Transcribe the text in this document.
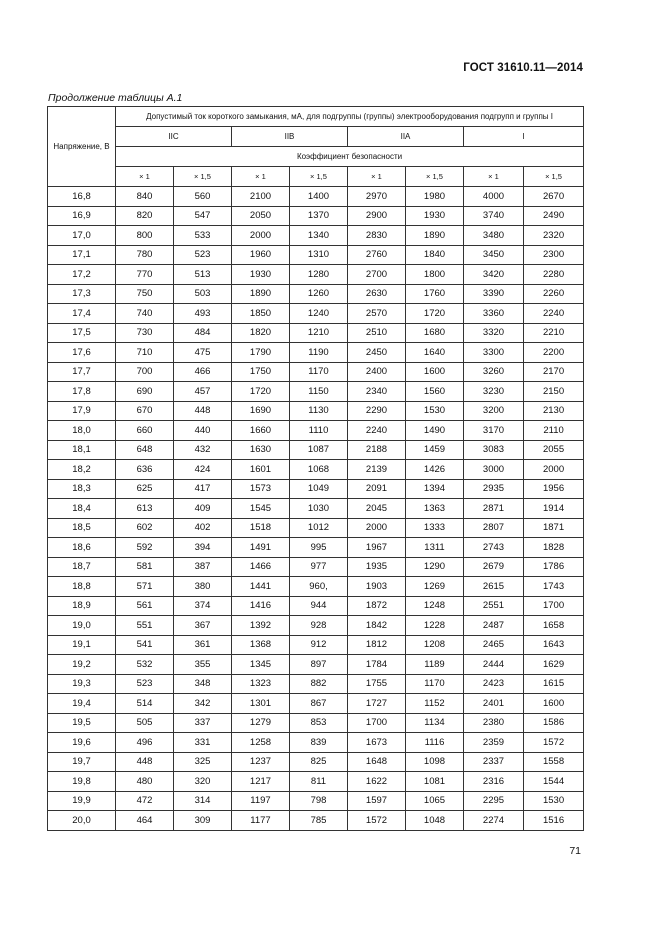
ГОСТ 31610.11—2014
Продолжение таблицы А.1
Напряжение, В	Допустимый ток короткого замыкания, мА, для подгруппы (группы) электрооборудования подгрупп и группы I							
	IIC		IIB		IIA		I	
	Коэффициент безопасности							
	× 1	× 1,5	× 1	× 1,5	× 1	× 1,5	× 1	× 1,5
16,8	840	560	2100	1400	2970	1980	4000	2670
16,9	820	547	2050	1370	2900	1930	3740	2490
17,0	800	533	2000	1340	2830	1890	3480	2320
17,1	780	523	1960	1310	2760	1840	3450	2300
17,2	770	513	1930	1280	2700	1800	3420	2280
17,3	750	503	1890	1260	2630	1760	3390	2260
17,4	740	493	1850	1240	2570	1720	3360	2240
17,5	730	484	1820	1210	2510	1680	3320	2210
17,6	710	475	1790	1190	2450	1640	3300	2200
17,7	700	466	1750	1170	2400	1600	3260	2170
17,8	690	457	1720	1150	2340	1560	3230	2150
17,9	670	448	1690	1130	2290	1530	3200	2130
18,0	660	440	1660	1110	2240	1490	3170	2110
18,1	648	432	1630	1087	2188	1459	3083	2055
18,2	636	424	1601	1068	2139	1426	3000	2000
18,3	625	417	1573	1049	2091	1394	2935	1956
18,4	613	409	1545	1030	2045	1363	2871	1914
18,5	602	402	1518	1012	2000	1333	2807	1871
18,6	592	394	1491	995	1967	1311	2743	1828
18,7	581	387	1466	977	1935	1290	2679	1786
18,8	571	380	1441	960,	1903	1269	2615	1743
18,9	561	374	1416	944	1872	1248	2551	1700
19,0	551	367	1392	928	1842	1228	2487	1658
19,1	541	361	1368	912	1812	1208	2465	1643
19,2	532	355	1345	897	1784	1189	2444	1629
19,3	523	348	1323	882	1755	1170	2423	1615
19,4	514	342	1301	867	1727	1152	2401	1600
19,5	505	337	1279	853	1700	1134	2380	1586
19,6	496	331	1258	839	1673	1116	2359	1572
19,7	448	325	1237	825	1648	1098	2337	1558
19,8	480	320	1217	811	1622	1081	2316	1544
19,9	472	314	1197	798	1597	1065	2295	1530
20,0	464	309	1177	785	1572	1048	2274	1516
71
